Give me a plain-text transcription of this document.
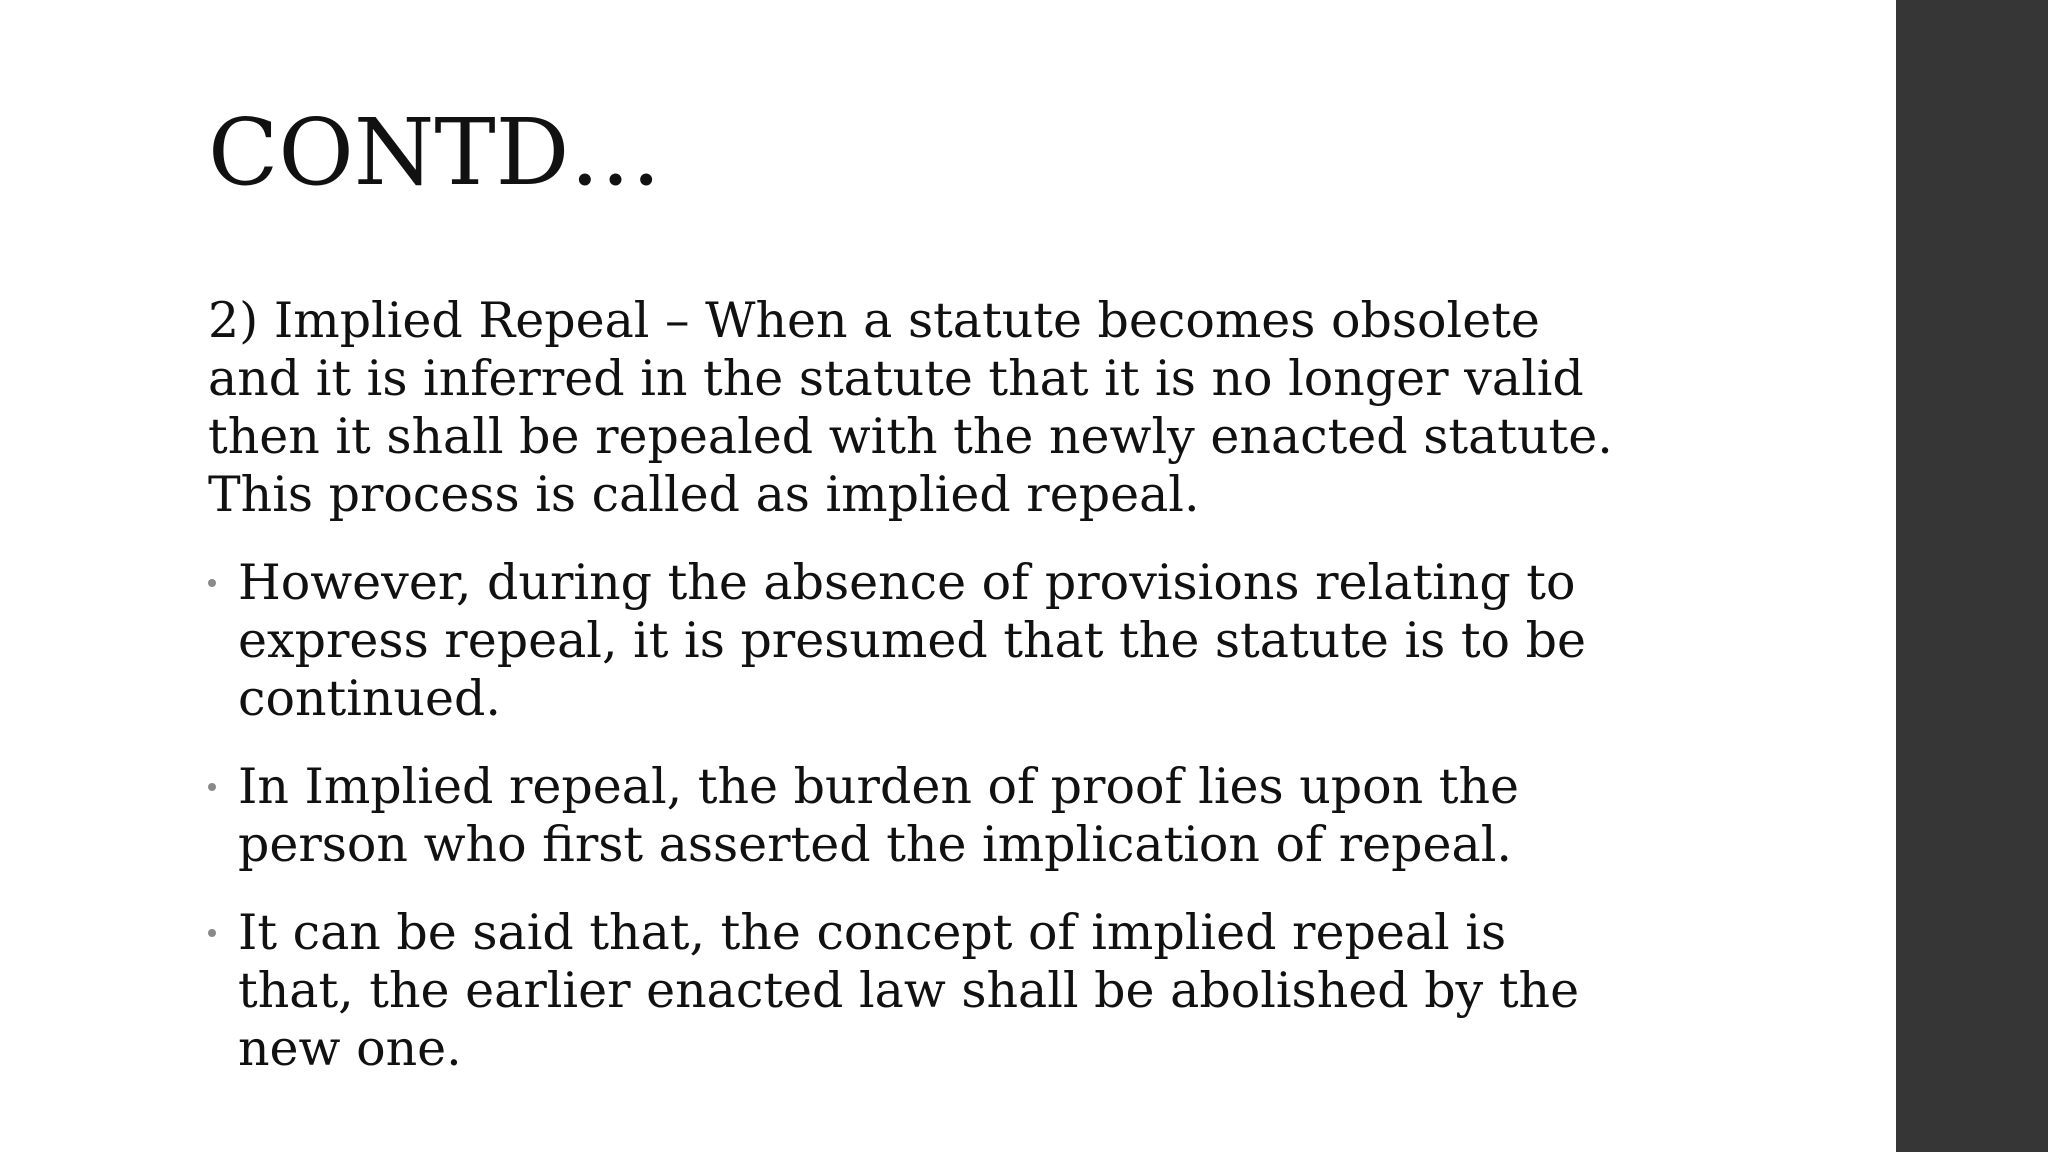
CONTD…

2) Implied Repeal – When a statute becomes obsolete and it is inferred in the statute that it is no longer valid then it shall be repealed with the newly enacted statute. This process is called as implied repeal.

However, during the absence of provisions relating to express repeal, it is presumed that the statute is to be continued.
In Implied repeal, the burden of proof lies upon the person who first asserted the implication of repeal.
It can be said that, the concept of implied repeal is that, the earlier enacted law shall be abolished by the new one.
